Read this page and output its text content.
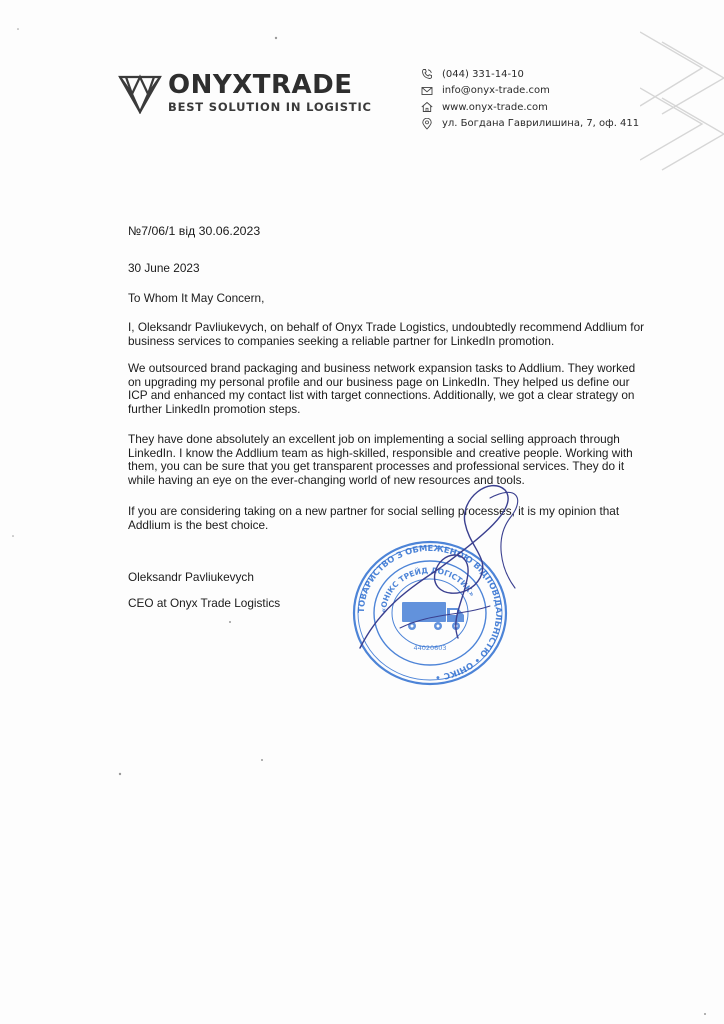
ONYXTRADE
BEST SOLUTION IN LOGISTIC
(044) 331-14-10
info@onyx-trade.com
www.onyx-trade.com
ул. Богдана Гаврилишина, 7, оф. 411
№7/06/1 від 30.06.2023
30 June 2023
To Whom It May Concern,
I, Oleksandr Pavliukevych, on behalf of Onyx Trade Logistics, undoubtedly recommend Addlium for business services to companies seeking a reliable partner for LinkedIn promotion.
We outsourced brand packaging and business network expansion tasks to Addlium. They worked on upgrading my personal profile and our business page on LinkedIn. They helped us define our ICP and enhanced my contact list with target connections. Additionally, we got a clear strategy on further LinkedIn promotion steps.
They have done absolutely an excellent job on implementing a social selling approach through LinkedIn. I know the Addlium team as high-skilled, responsible and creative people. Working with them, you can be sure that you get transparent processes and professional services. They do it while having an eye on the ever-changing world of new resources and tools.
If you are considering taking on a new partner for social selling processes, it is my opinion that Addlium is the best choice.
Oleksandr Pavliukevych
CEO at Onyx Trade Logistics
ТОВАРИСТВО З ОБМЕЖЕНОЮ ВІДПОВІДАЛЬНІСТЮ • ОНІКС •
«ОНІКС ТРЕЙД ЛОГІСТИК»
44020603
